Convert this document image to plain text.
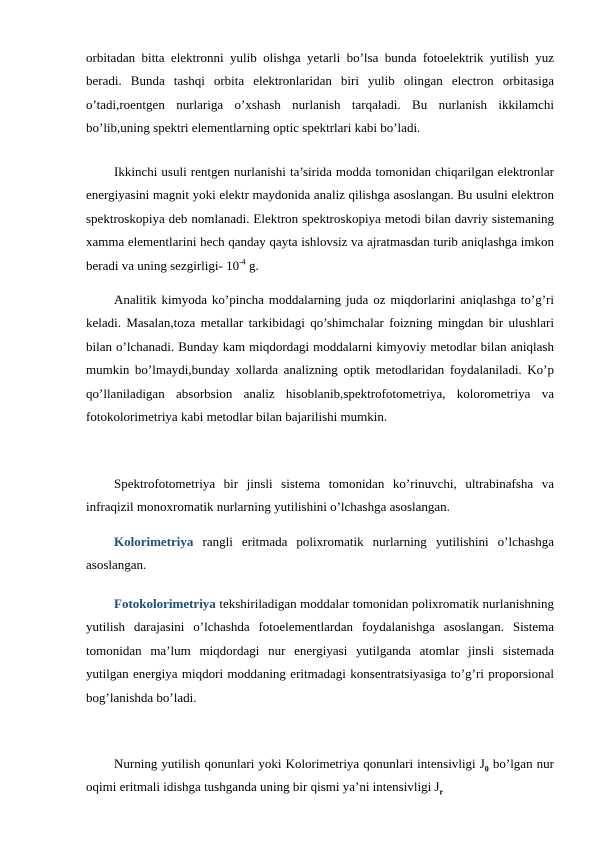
orbitadan bitta elektronni yulib olishga yetarli bo’lsa bunda fotoelektrik yutilish yuz beradi. Bunda tashqi orbita elektronlaridan biri yulib olingan electron orbitasiga o’tadi,roentgen nurlariga o’xshash nurlanish tarqaladi. Bu nurlanish ikkilamchi bo’lib,uning spektri elementlarning optic spektrlari kabi bo’ladi.

Ikkinchi usuli rentgen nurlanishi ta’sirida modda tomonidan chiqarilgan elektronlar energiyasini magnit yoki elektr maydonida analiz qilishga asoslangan. Bu usulni elektron spektroskopiya deb nomlanadi. Elektron spektroskopiya metodi bilan davriy sistemaning xamma elementlarini hech qanday qayta ishlovsiz va ajratmasdan turib aniqlashga imkon beradi va uning sezgirligi- $10^{-4}$ g.

Analitik kimyoda ko’pincha moddalarning juda oz miqdorlarini aniqlashga to’g’ri keladi. Masalan,toza metallar tarkibidagi qo’shimchalar foizning mingdan bir ulushlari bilan o’lchanadi. Bunday kam miqdordagi moddalarni kimyoviy metodlar bilan aniqlash mumkin bo’lmaydi,bunday xollarda analizning optik metodlaridan foydalaniladi. Ko’p qo’llaniladigan absorbsion analiz hisoblanib,spektrofotometriya, kolorometriya va fotokolorimetriya kabi metodlar bilan bajarilishi mumkin.

Spektrofotometriya bir jinsli sistema tomonidan ko’rinuvchi, ultrabinafsha va infraqizil monoxromatik nurlarning yutilishini o’lchashga asoslangan.

Kolorimetriya rangli eritmada polixromatik nurlarning yutilishini o’lchashga asoslangan.

Fotokolorimetriya tekshiriladigan moddalar tomonidan polixromatik nurlanishning yutilish darajasini o’lchashda fotoelementlardan foydalanishga asoslangan. Sistema tomonidan ma’lum miqdordagi nur energiyasi yutilganda atomlar jinsli sistemada yutilgan energiya miqdori moddaning eritmadagi konsentratsiyasiga to’g’ri proporsional bog’lanishda bo’ladi.

Nurning yutilish qonunlari yoki Kolorimetriya qonunlari intensivligi $J_0$ bo’lgan nur oqimi eritmali idishga tushganda uning bir qismi ya’ni intensivligi $J_r$
